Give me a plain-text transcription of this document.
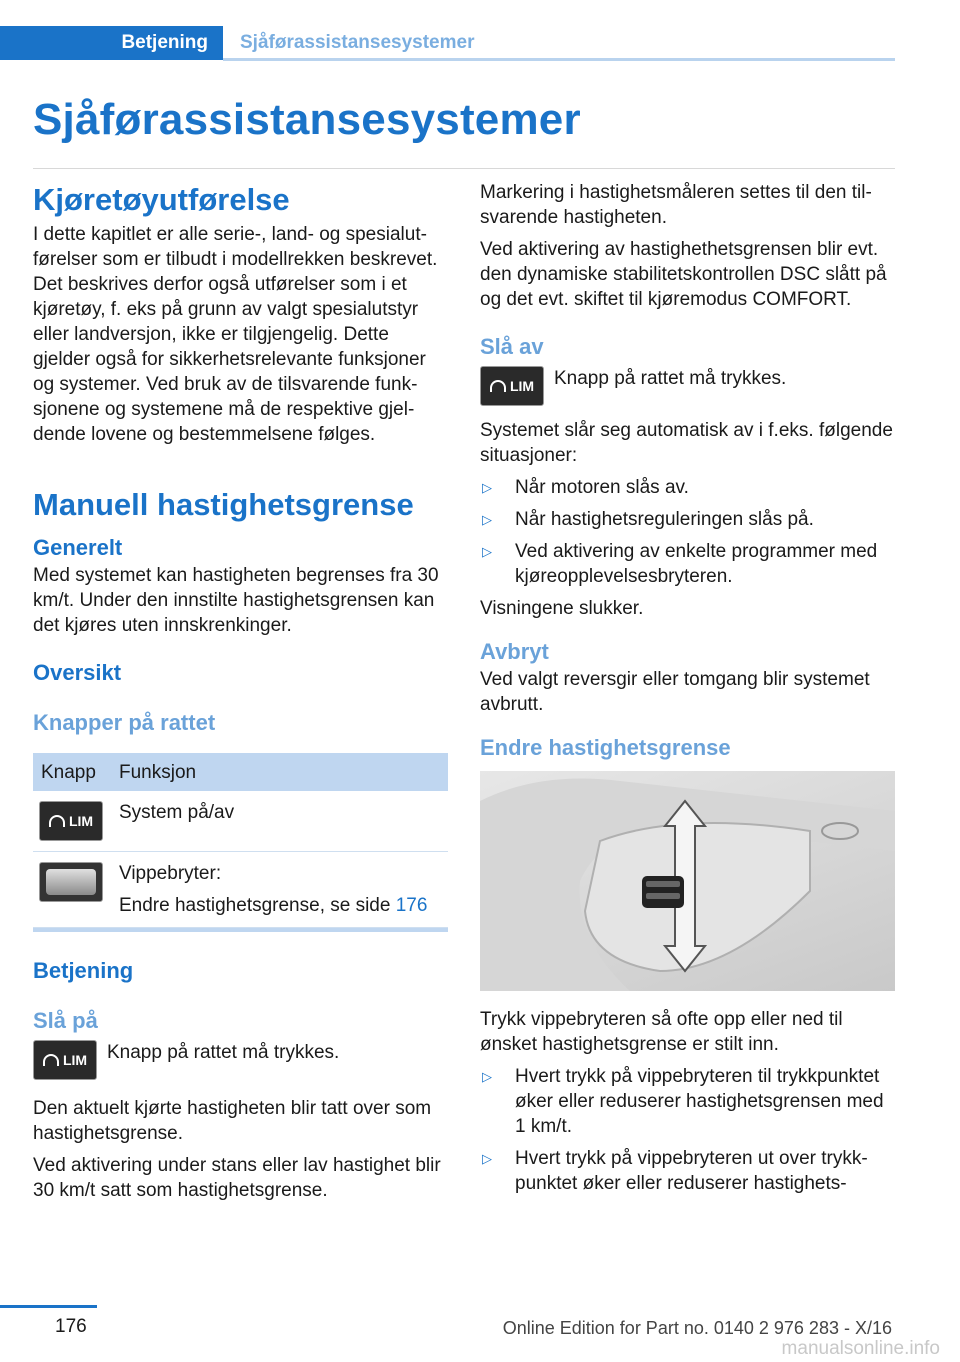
Betjening	Sjåførassistansesystemer
Sjåførassistansesystemer
Kjøretøyutførelse

I dette kapitlet er alle serie-, land- og spesialutførelser som er tilbudt i modellrekken beskrevet. Det beskrives derfor også utførelser som i et kjøretøy, f. eks på grunn av valgt spesialutstyr eller landversjon, ikke er tilgjengelig. Dette gjelder også for sikkerhetsrelevante funksjoner og systemer. Ved bruk av de tilsvarende funksjonene og systemene må de respektive gjeldende lovene og bestemmelsene følges.

Manuell hastighetsgrense
Generelt

Med systemet kan hastigheten begrenses fra 30 km/t. Under den innstilte hastighetsgrensen kan det kjøres uten innskrenkinger.

Oversikt
Knapper på rattet
Knapp	Funksjon

LIM	System på/av

	Vippebryter:
Endre hastighetsgrense, se side 176
Betjening
Slå på
LIM Knapp på rattet må trykkes.

Den aktuelt kjørte hastigheten blir tatt over som hastighetsgrense.

Ved aktivering under stans eller lav hastighet blir 30 km/t satt som hastighetsgrense.

Markering i hastighetsmåleren settes til den tilsvarende hastigheten.

Ved aktivering av hastighethetsgrensen blir evt. den dynamiske stabilitetskontrollen DSC slått på og det evt. skiftet til kjøremodus COMFORT.

Slå av
LIM Knapp på rattet må trykkes.

Systemet slår seg automatisk av i f.eks. følgende situasjoner:

▷	Når motoren slås av.
▷	Når hastighetsreguleringen slås på.
▷	Ved aktivering av enkelte programmer med kjøreopplevelsesbryteren.

Visningene slukker.

Avbryt

Ved valgt reversgir eller tomgang blir systemet avbrutt.

Endre hastighetsgrense

Trykk vippebryteren så ofte opp eller ned til ønsket hastighetsgrense er stilt inn.

▷	Hvert trykk på vippebryteren til trykkpunktet øker eller reduserer hastighetsgrensen med 1 km/t.
▷	Hvert trykk på vippebryteren ut over trykkpunktet øker eller reduserer hastighets-
176	Online Edition for Part no. 0140 2 976 283 - X/16
manualsonline.info
